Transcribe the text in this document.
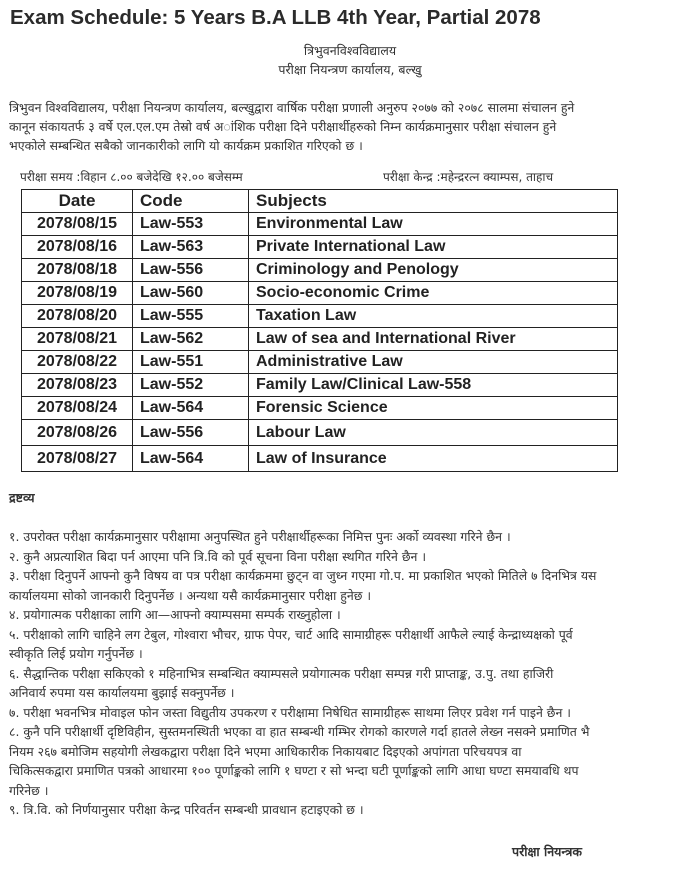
Exam Schedule: 5 Years B.A LLB 4th Year, Partial 2078
त्रिभुवनविश्वविद्यालय
परीक्षा नियन्त्रण कार्यालय, बल्खु
त्रिभुवन विश्वविद्यालय, परीक्षा नियन्त्रण कार्यालय, बल्खुद्वारा वार्षिक परीक्षा प्रणाली अनुरुप २०७७ को २०७८ सालमा संचालन हुने
कानून संकायतर्फ ३ वर्षे एल.एल.एम तेस्रो वर्ष अांशिक परीक्षा दिने परीक्षार्थीहरुको निम्न कार्यक्रमानुसार परीक्षा संचालन हुने
भएकोले सम्बन्धित सबैको जानकारीको लागि यो कार्यक्रम प्रकाशित गरिएको छ ।
परीक्षा समय :विहान ८.०० बजेदेखि १२.०० बजेसम्म	परीक्षा केन्द्र :महेन्द्ररत्न क्याम्पस, ताहाच
Date	Code	Subjects
2078/08/15	Law-553	Environmental Law
2078/08/16	Law-563	Private International Law
2078/08/18	Law-556	Criminology and Penology
2078/08/19	Law-560	Socio-economic Crime
2078/08/20	Law-555	Taxation Law
2078/08/21	Law-562	Law of sea and International River
2078/08/22	Law-551	Administrative Law
2078/08/23	Law-552	Family Law/Clinical Law-558
2078/08/24	Law-564	Forensic Science
2078/08/26	Law-556	Labour Law
2078/08/27	Law-564	Law of Insurance
द्रष्टव्य
१. उपरोक्त परीक्षा कार्यक्रमानुसार परीक्षामा अनुपस्थित हुने परीक्षार्थीहरूका निमित्त पुनः अर्को व्यवस्था गरिने छैन ।
२. कुनै अप्रत्याशित बिदा पर्न आएमा पनि त्रि.वि को पूर्व सूचना विना परीक्षा स्थगित गरिने छैन ।
३. परीक्षा दिनुपर्ने आफ्नो कुनै विषय वा पत्र परीक्षा कार्यक्रममा छुट्न वा जुध्न गएमा गो.प. मा प्रकाशित भएको मितिले ७ दिनभित्र यस
कार्यालयमा सोको जानकारी दिनुपर्नेछ । अन्यथा यसै कार्यक्रमानुसार परीक्षा हुनेछ ।
४. प्रयोगात्मक परीक्षाका लागि आ—आफ्नो क्याम्पसमा सम्पर्क राख्नुहोला ।
५. परीक्षाको लागि चाहिने लग टेबुल, गोश्वारा भौचर, ग्राफ पेपर, चार्ट आदि सामाग्रीहरू परीक्षार्थी आफैले ल्याई केन्द्राध्यक्षको पूर्व
स्वीकृति लिई प्रयोग गर्नुपर्नेछ ।
६. सैद्धान्तिक परीक्षा सकिएको १ महिनाभित्र सम्बन्धित क्याम्पसले प्रयोगात्मक परीक्षा सम्पन्न गरी प्राप्ताङ्क, उ.पु. तथा हाजिरी
अनिवार्य रुपमा यस कार्यालयमा बुझाई सक्नुपर्नेछ ।
७. परीक्षा भवनभित्र मोवाइल फोन जस्ता विद्युतीय उपकरण र परीक्षामा निषेधित सामाग्रीहरू साथमा लिएर प्रवेश गर्न पाइने छैन ।
८. कुनै पनि परीक्षार्थी दृष्टिविहीन, सुस्तमनस्थिती भएका वा हात सम्बन्धी गम्भिर रोगको कारणले गर्दा हातले लेख्न नसक्ने प्रमाणित भै
नियम २६७ बमोजिम सहयोगी लेखकद्वारा परीक्षा दिने भएमा आधिकारीक निकायबाट दिइएको अपांगता परिचयपत्र वा
चिकित्सकद्वारा प्रमाणित पत्रको आधारमा १०० पूर्णाङ्कको लागि १ घण्टा र सो भन्दा घटी पूर्णाङ्कको लागि आधा घण्टा समयावधि थप
गरिनेछ ।
९. त्रि.वि. को निर्णयानुसार परीक्षा केन्द्र परिवर्तन सम्बन्धी प्रावधान हटाइएको छ ।
परीक्षा नियन्त्रक
